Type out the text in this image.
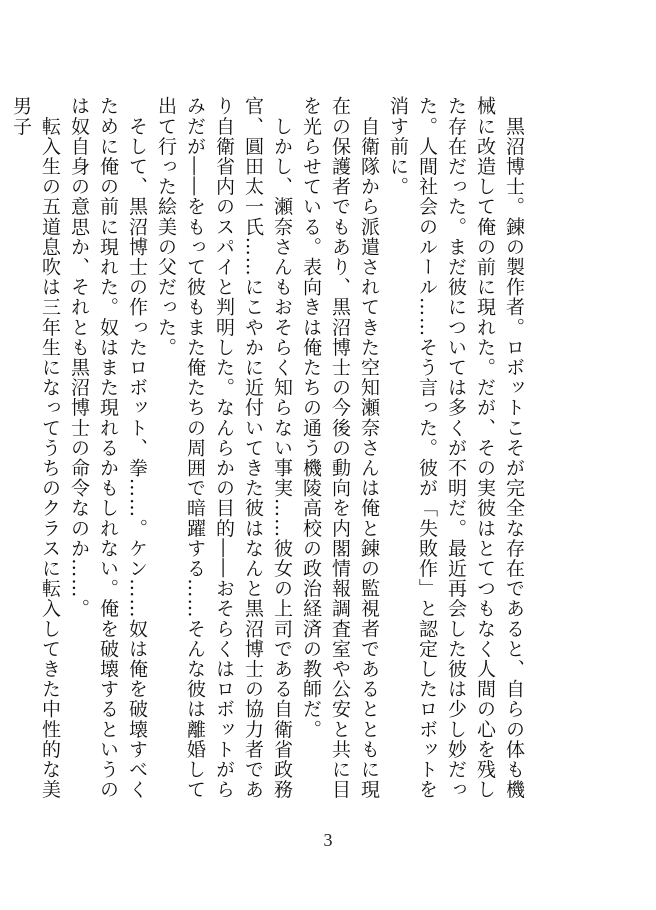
　黒沼博士。錬の製作者。ロボットこそが完全な存在であると、自らの体も機械に改造して俺の前に現れた。だが、その実彼はとてつもなく人間の心を残した存在だった。まだ彼については多くが不明だ。最近再会した彼は少し妙だった。人間社会のルール……そう言った。彼が「失敗作」と認定したロボットを消す前に。

　自衛隊から派遣されてきた空知瀬奈さんは俺と錬の監視者であるとともに現在の保護者でもあり、黒沼博士の今後の動向を内閣情報調査室や公安と共に目を光らせている。表向きは俺たちの通う機陵高校の政治経済の教師だ。

　しかし、瀬奈さんもおそらく知らない事実……彼女の上司である自衛省政務官、圓田太一氏……にこやかに近付いてきた彼はなんと黒沼博士の協力者であり自衛省内のスパイと判明した。なんらかの目的――おそらくはロボットがらみだが――をもって彼もまた俺たちの周囲で暗躍する……そんな彼は離婚して出て行った絵美の父だった。

　そして、黒沼博士の作ったロボット、拳……。ケン……奴は俺を破壊すべくために俺の前に現れた。奴はまた現れるかもしれない。俺を破壊するというのは奴自身の意思か、それとも黒沼博士の命令なのか……。

　転入生の五道息吹は三年生になってうちのクラスに転入してきた中性的な美男子

3
